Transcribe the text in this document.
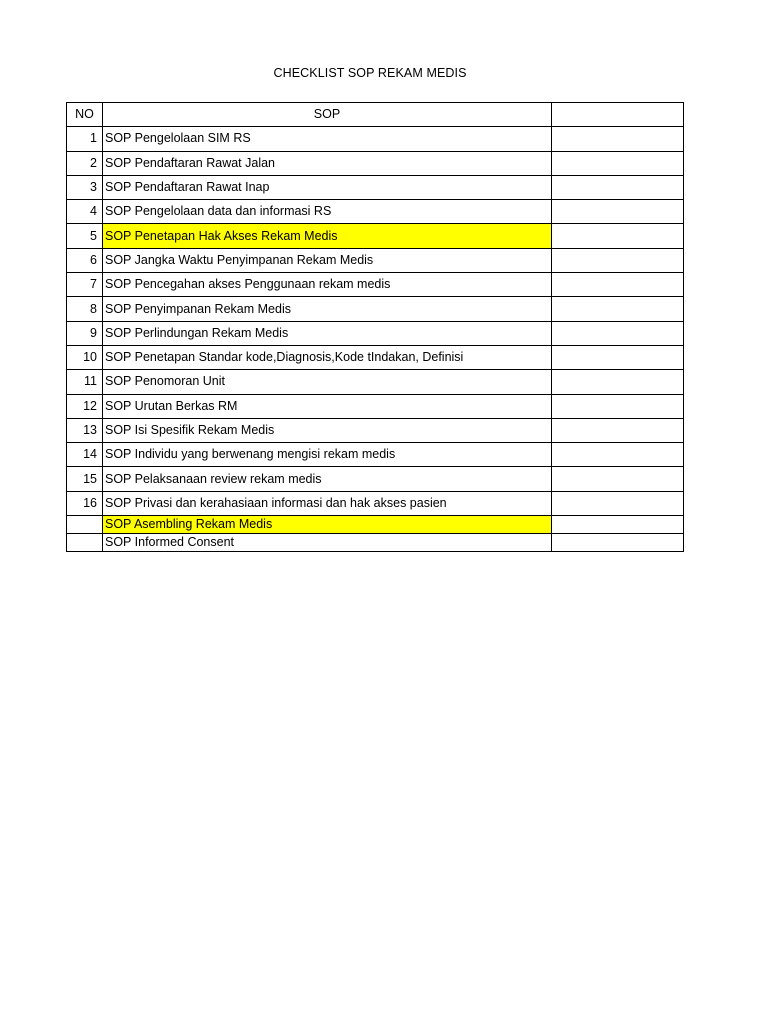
CHECKLIST SOP REKAM MEDIS
NO	SOP	
1	SOP Pengelolaan SIM RS	
2	SOP Pendaftaran Rawat Jalan	
3	SOP Pendaftaran Rawat Inap	
4	SOP Pengelolaan data dan informasi RS	
5	SOP Penetapan Hak Akses Rekam Medis	
6	SOP Jangka Waktu Penyimpanan Rekam Medis	
7	SOP Pencegahan akses Penggunaan rekam medis	
8	SOP Penyimpanan Rekam Medis	
9	SOP Perlindungan Rekam Medis	
10	SOP Penetapan Standar kode,Diagnosis,Kode tIndakan, Definisi	
11	SOP Penomoran Unit	
12	SOP Urutan Berkas RM	
13	SOP Isi Spesifik Rekam Medis	
14	SOP Individu yang berwenang mengisi rekam medis	
15	SOP Pelaksanaan review rekam medis	
16	SOP Privasi dan kerahasiaan informasi dan hak akses pasien	
	SOP Asembling Rekam Medis	
	SOP Informed Consent	
